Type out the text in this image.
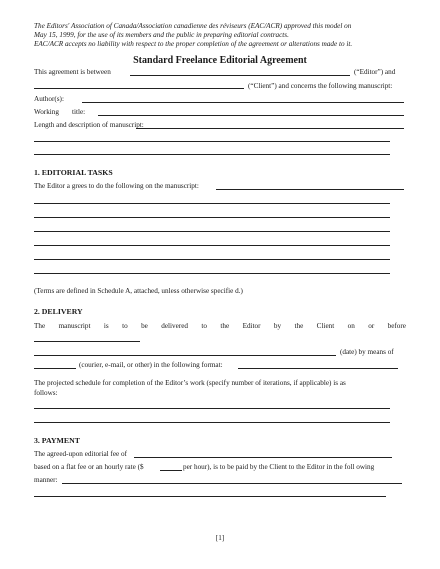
The Editors' Association of Canada/Association canadienne des réviseurs (EAC/ACR) approved this model on
May 15, 1999, for the use of its members and the public in preparing editorial contracts.
EAC/ACR accepts no liability with respect to the proper completion of the agreement or alterations made to it.
Standard Freelance Editorial Agreement
This agreement is between	(“Editor”) and
(“Client”) and concerns the following manuscript:
Author(s):
Working title:
Length and description of manuscript:
1. EDITORIAL TASKS
The Editor a grees to do the following on the manuscript:
(Terms are defined in Schedule A, attached, unless otherwise specifie d.)
2. DELIVERY
The manuscript is to be delivered to the Editor by the Client on or before
(date) by means of
(courier, e-mail, or other) in the following format:
The projected schedule for completion of the Editor’s work (specify number of iterations, if applicable) is as
follows:
3. PAYMENT
The agreed-upon editorial fee of
based on a flat fee or an hourly rate ($	per hour), is to be paid by the Client to the Editor in the foll owing
manner:
[1]
